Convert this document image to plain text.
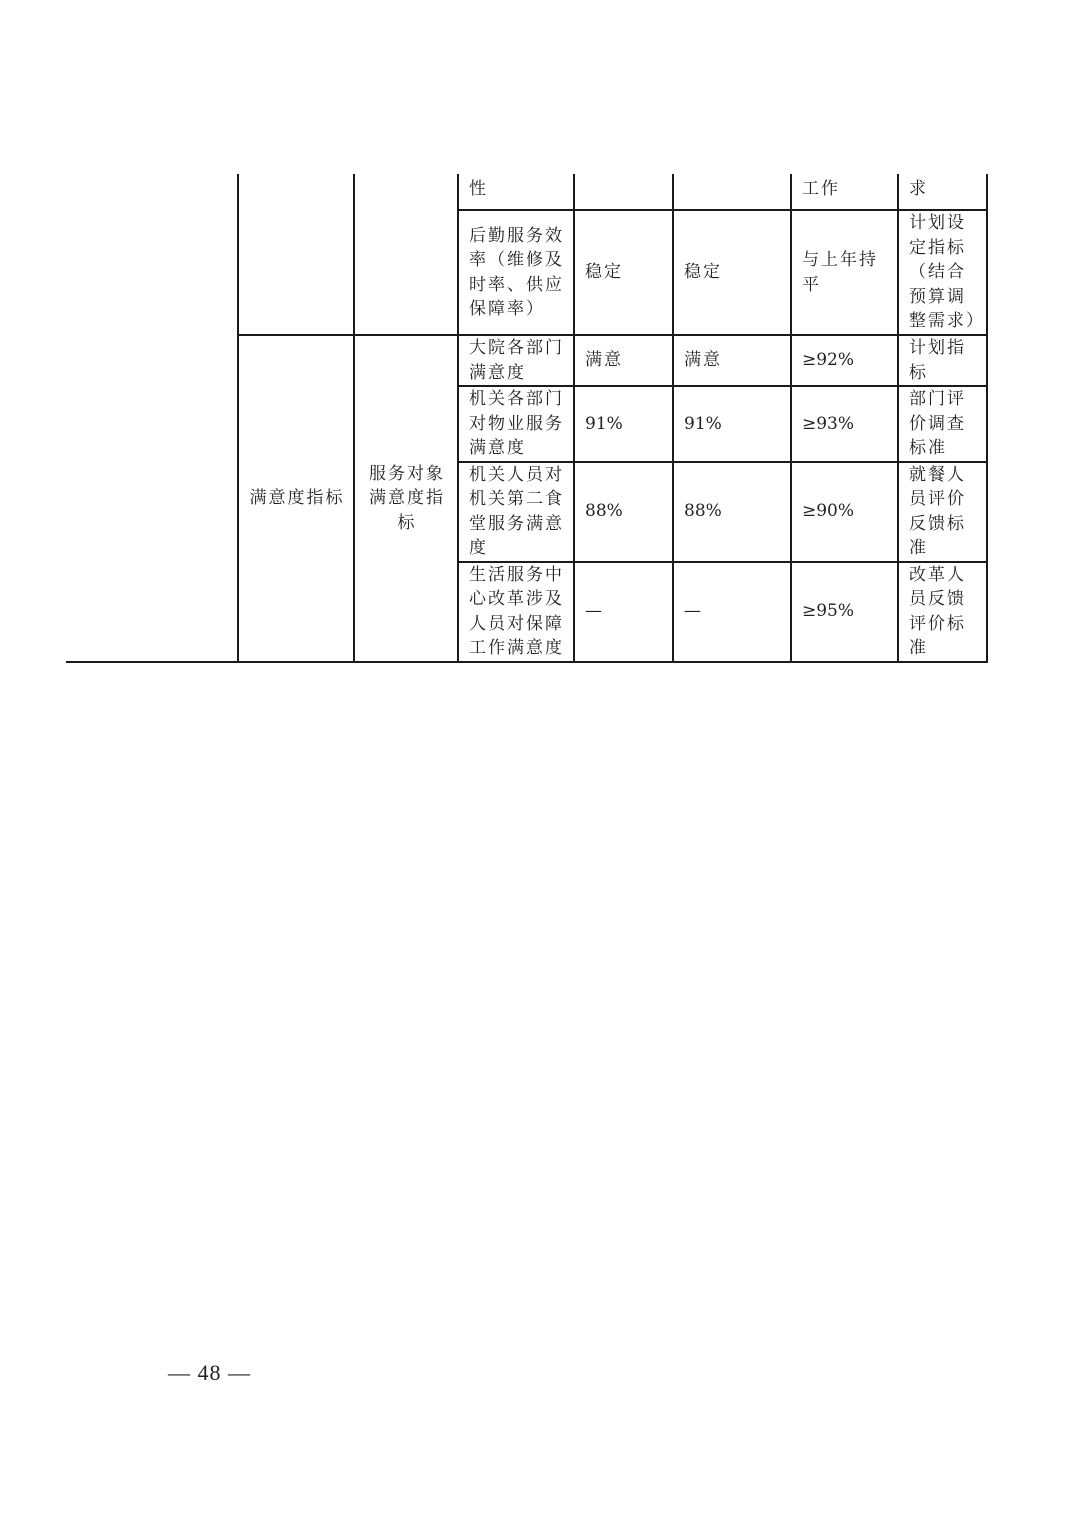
			性			工作	求
			后勤服务效率（维修及时率、供应保障率）	稳定	稳定	与上年持平	计划设定指标（结合预算调整需求）
	满意度指标	服务对象满意度指标	大院各部门满意度	满意	满意	≥92%	计划指标
			机关各部门对物业服务满意度	91%	91%	≥93%	部门评价调查标准
			机关人员对机关第二食堂服务满意度	88%	88%	≥90%	就餐人员评价反馈标准
			生活服务中心改革涉及人员对保障工作满意度	—	—	≥95%	改革人员反馈评价标准
— 48 —
